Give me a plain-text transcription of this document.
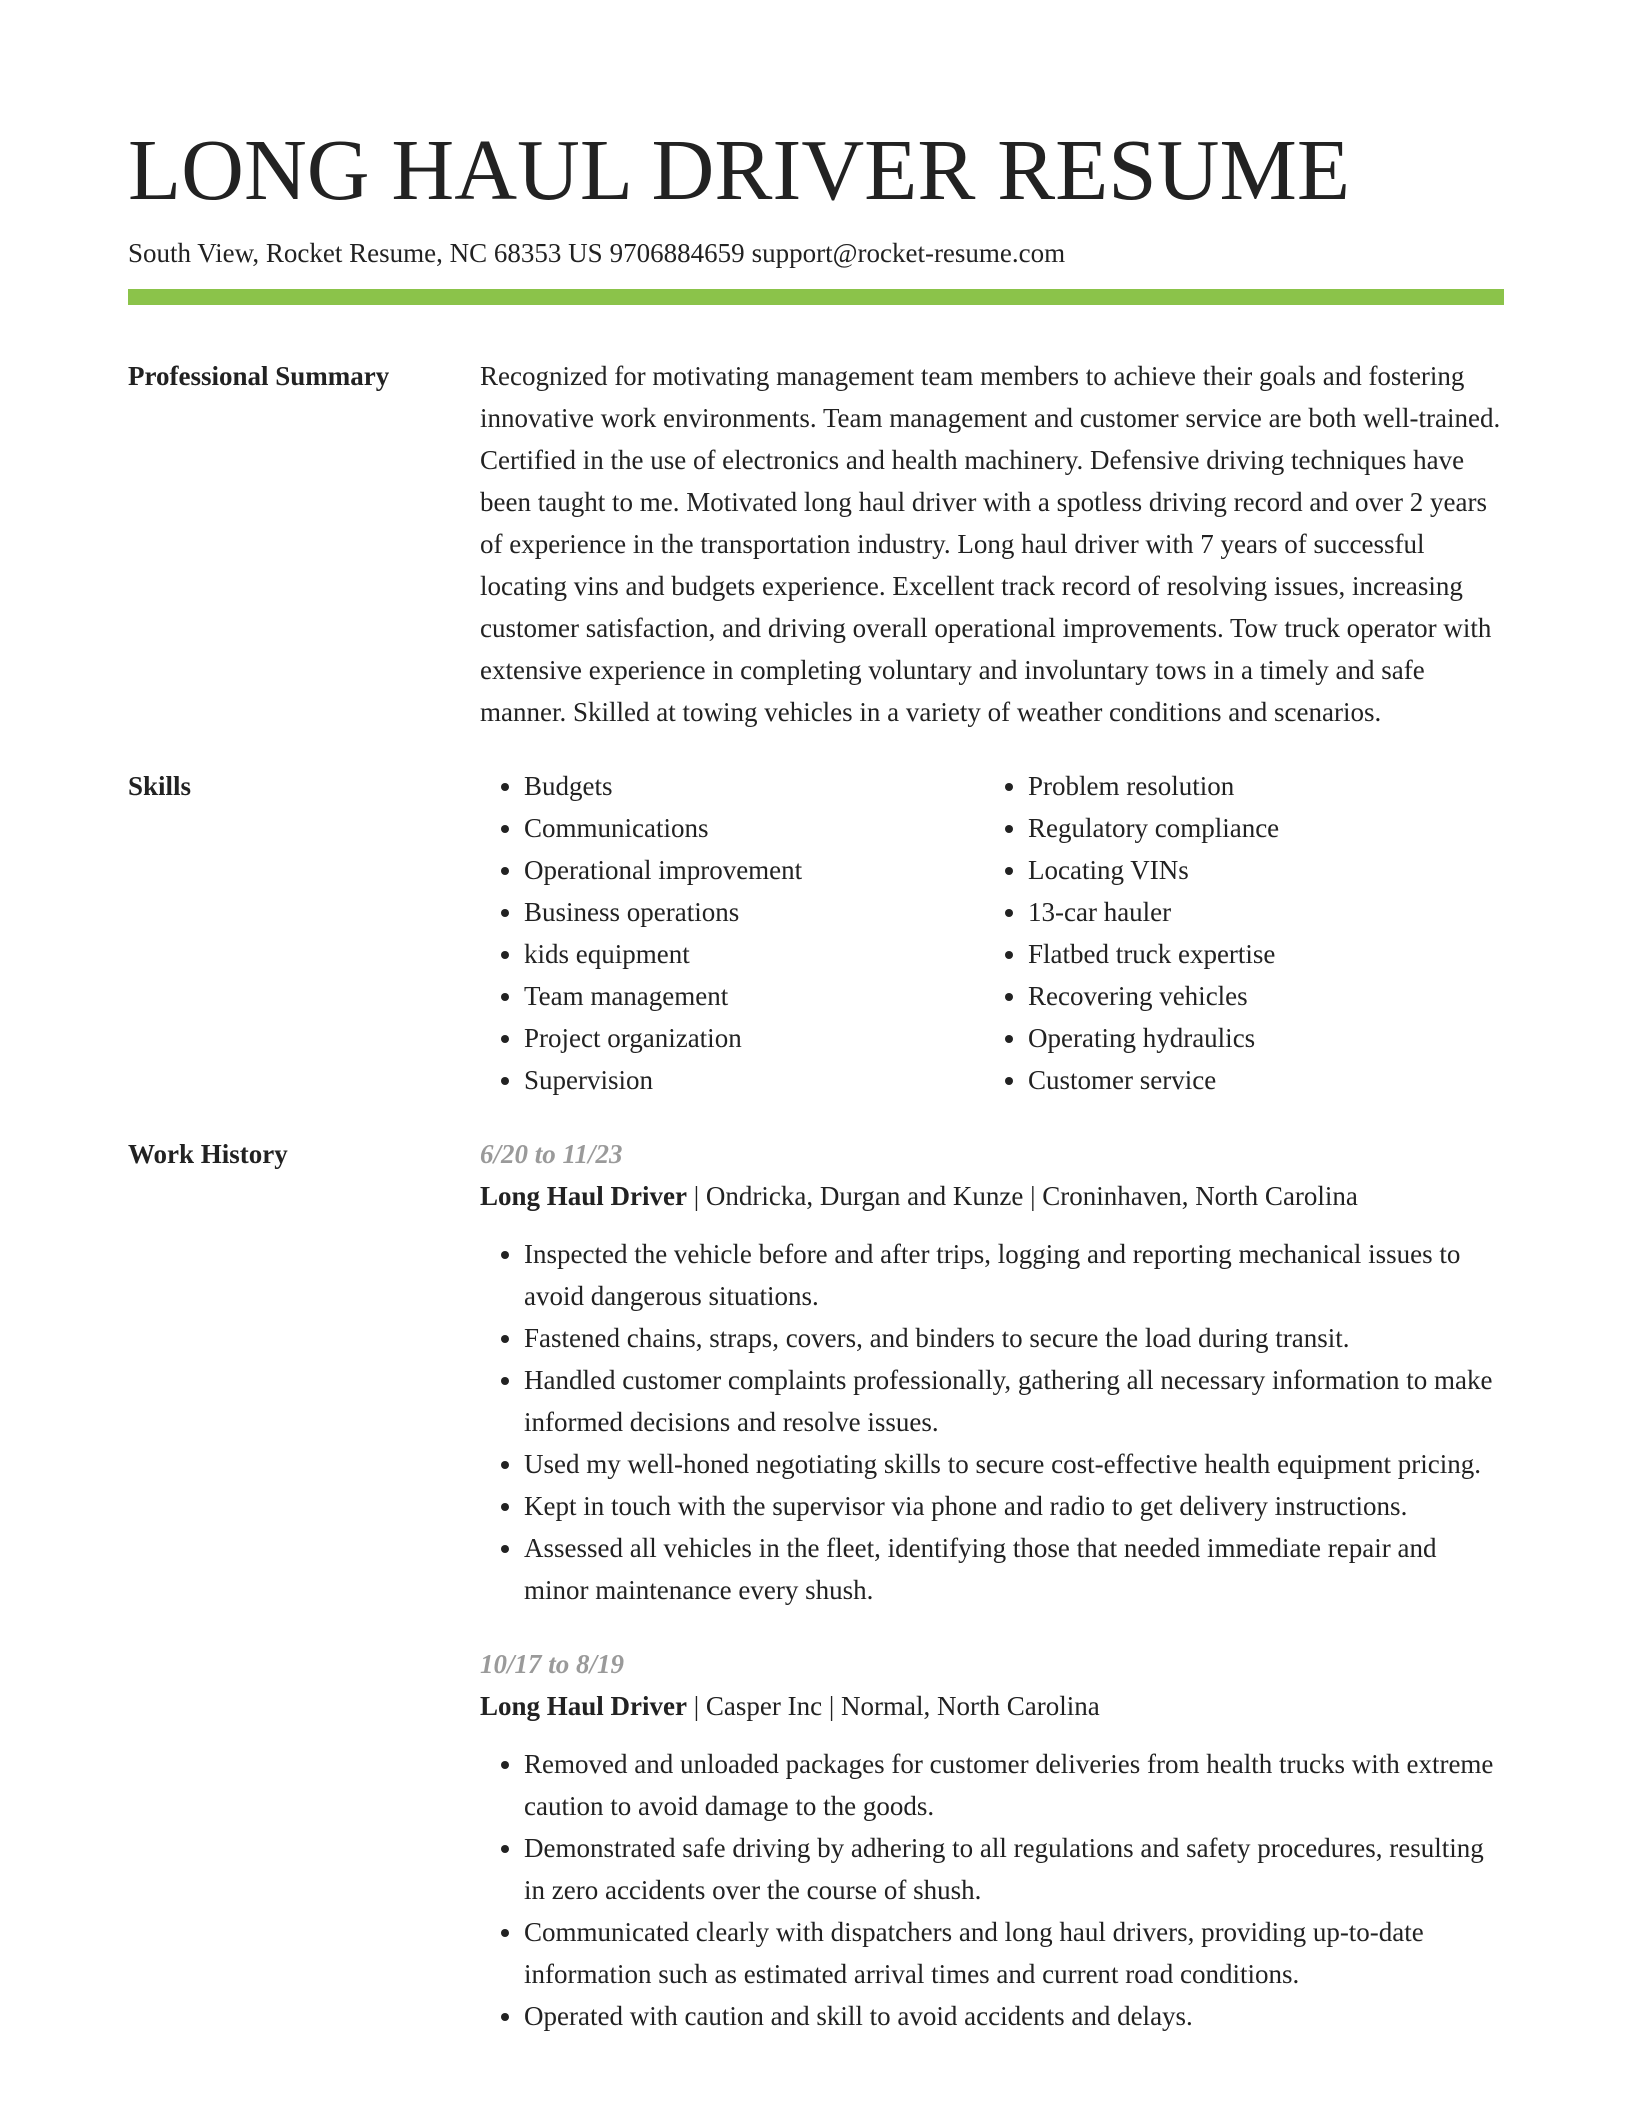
LONG HAUL DRIVER RESUME
South View, Rocket Resume, NC 68353 US 9706884659 support@rocket-resume.com
Professional Summary	Recognized for motivating management team members to achieve their goals and fostering innovative work environments. Team management and customer service are both well-trained. Certified in the use of electronics and health machinery. Defensive driving techniques have been taught to me. Motivated long haul driver with a spotless driving record and over 2 years of experience in the transportation industry. Long haul driver with 7 years of successful locating vins and budgets experience. Excellent track record of resolving issues, increasing customer satisfaction, and driving overall operational improvements. Tow truck operator with extensive experience in completing voluntary and involuntary tows in a timely and safe manner. Skilled at towing vehicles in a variety of weather conditions and scenarios.
Skills
•	Budgets
• Communications
• Operational improvement
• Business operations
• kids equipment
• Team management
• Project organization
• Supervision
• Problem resolution
• Regulatory compliance
• Locating VINs
• 13-car hauler
• Flatbed truck expertise
• Recovering vehicles
• Operating hydraulics
• Customer service
Work History	6/20 to 11/23
Long Haul Driver | Ondricka, Durgan and Kunze | Croninhaven, North Carolina
• Inspected the vehicle before and after trips, logging and reporting mechanical issues to avoid dangerous situations.
• Fastened chains, straps, covers, and binders to secure the load during transit.
• Handled customer complaints professionally, gathering all necessary information to make informed decisions and resolve issues.
• Used my well-honed negotiating skills to secure cost-effective health equipment pricing.
• Kept in touch with the supervisor via phone and radio to get delivery instructions.
• Assessed all vehicles in the fleet, identifying those that needed immediate repair and minor maintenance every shush.
10/17 to 8/19
Long Haul Driver | Casper Inc | Normal, North Carolina
• Removed and unloaded packages for customer deliveries from health trucks with extreme caution to avoid damage to the goods.
• Demonstrated safe driving by adhering to all regulations and safety procedures, resulting in zero accidents over the course of shush.
• Communicated clearly with dispatchers and long haul drivers, providing up-to-date information such as estimated arrival times and current road conditions.
• Operated with caution and skill to avoid accidents and delays.
